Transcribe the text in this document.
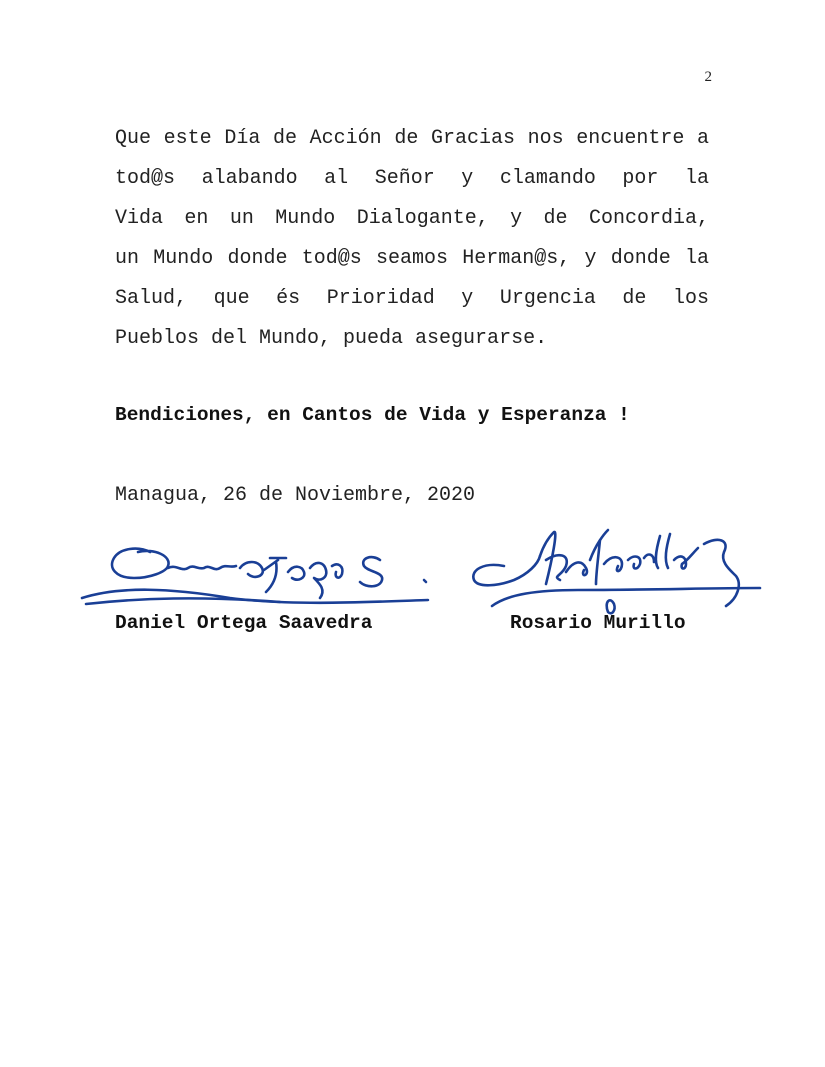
2
Que este Día de Acción de Gracias nos encuentre a
tod@s alabando al Señor y clamando por la
Vida en un Mundo Dialogante, y de Concordia,
un Mundo donde tod@s seamos Herman@s, y donde la
Salud, que és Prioridad y Urgencia de los
Pueblos del Mundo, pueda asegurarse.
Bendiciones, en Cantos de Vida y Esperanza !
Managua, 26 de Noviembre, 2020
Daniel Ortega Saavedra	Rosario Murillo
